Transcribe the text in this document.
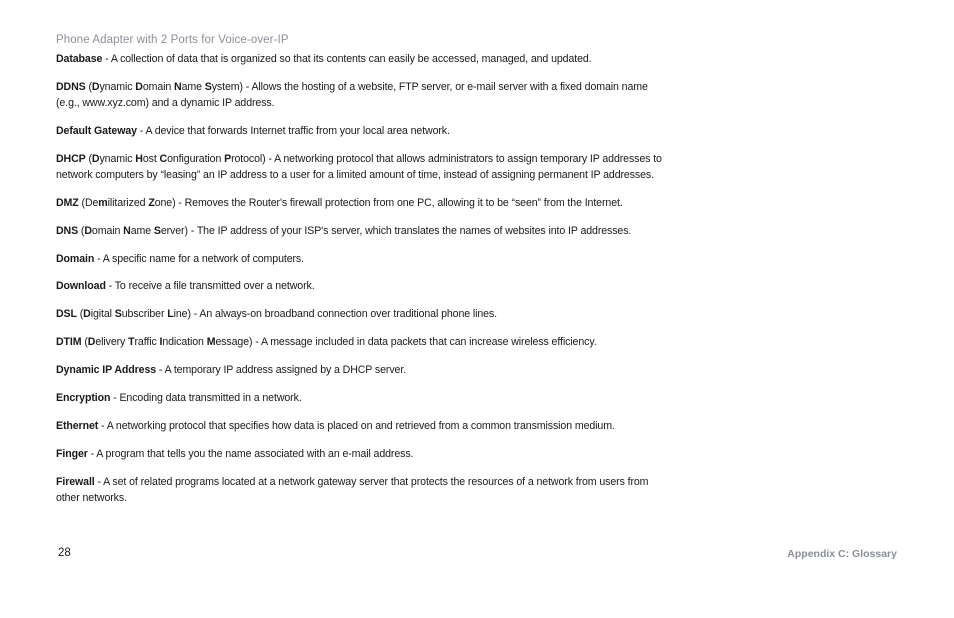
Phone Adapter with 2 Ports for Voice-over-IP
Database - A collection of data that is organized so that its contents can easily be accessed, managed, and updated.
DDNS (Dynamic Domain Name System) - Allows the hosting of a website, FTP server, or e-mail server with a fixed domain name (e.g., www.xyz.com) and a dynamic IP address.
Default Gateway - A device that forwards Internet traffic from your local area network.
DHCP (Dynamic Host Configuration Protocol) - A networking protocol that allows administrators to assign temporary IP addresses to network computers by “leasing” an IP address to a user for a limited amount of time, instead of assigning permanent IP addresses.
DMZ (Demilitarized Zone) - Removes the Router's firewall protection from one PC, allowing it to be “seen” from the Internet.
DNS (Domain Name Server) - The IP address of your ISP's server, which translates the names of websites into IP addresses.
Domain - A specific name for a network of computers.
Download - To receive a file transmitted over a network.
DSL (Digital Subscriber Line) - An always-on broadband connection over traditional phone lines.
DTIM (Delivery Traffic Indication Message) - A message included in data packets that can increase wireless efficiency.
Dynamic IP Address - A temporary IP address assigned by a DHCP server.
Encryption - Encoding data transmitted in a network.
Ethernet - A networking protocol that specifies how data is placed on and retrieved from a common transmission medium.
Finger - A program that tells you the name associated with an e-mail address.
Firewall - A set of related programs located at a network gateway server that protects the resources of a network from users from other networks.
28	Appendix C: Glossary
